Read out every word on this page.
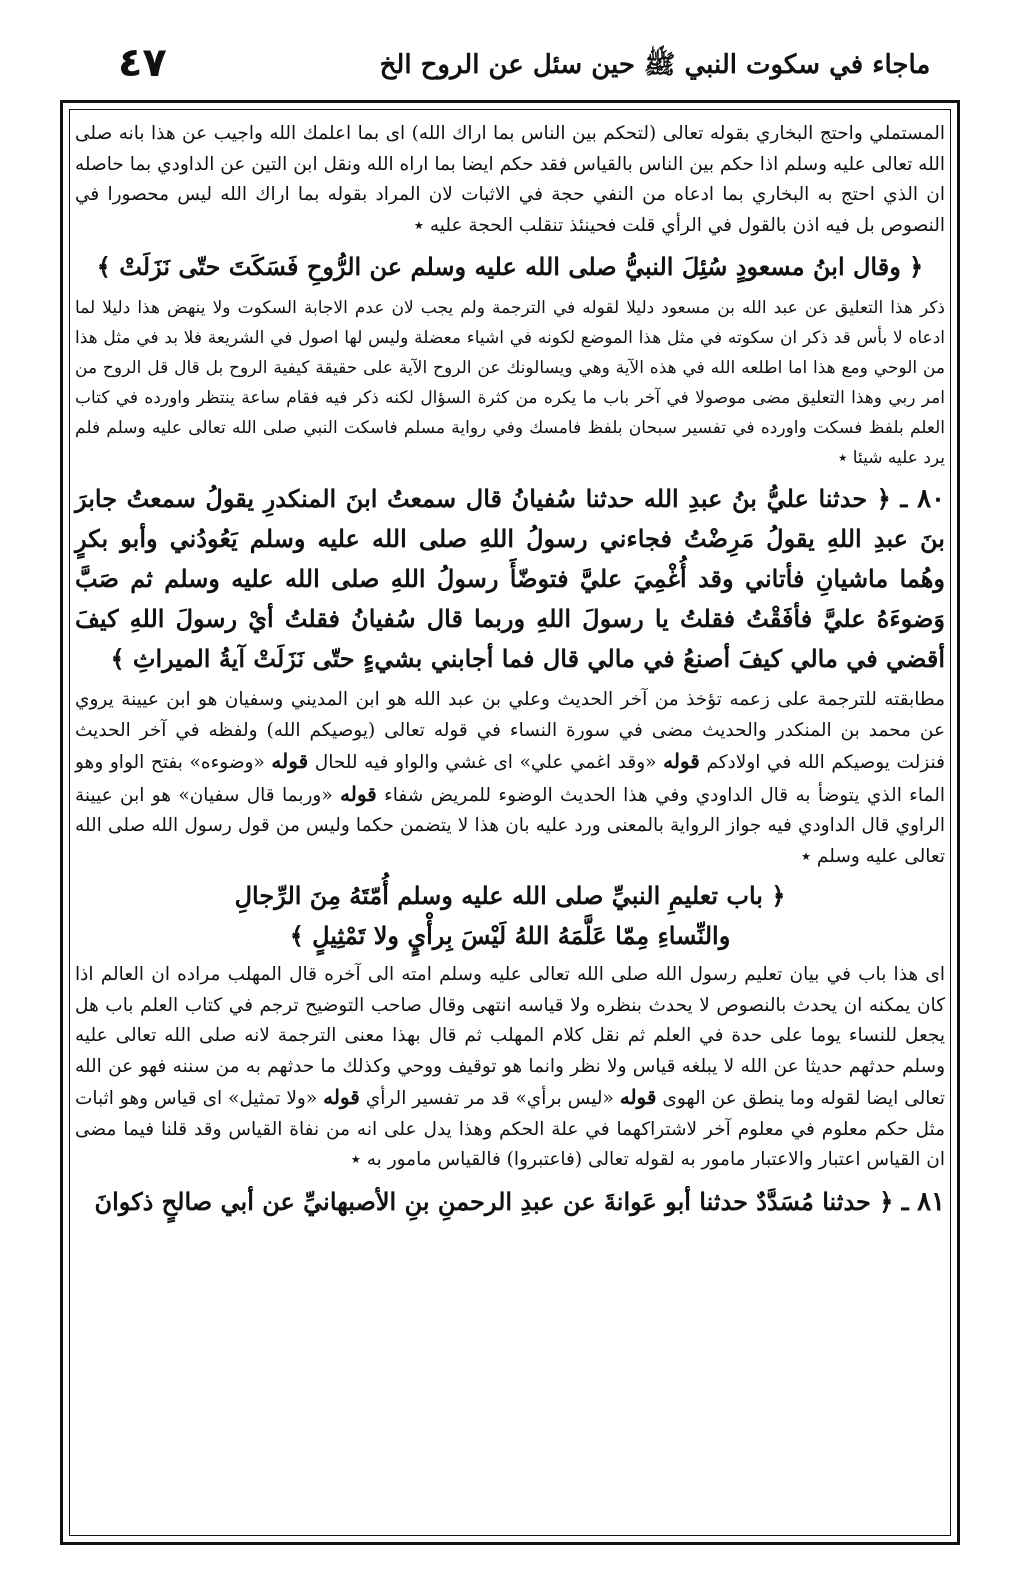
٤٧	ماجاء في سكوت النبي ﷺ حين سئل عن الروح الخ

المستملي واحتج البخاري بقوله تعالى (لتحكم بين الناس بما اراك الله) اى بما اعلمك الله واجيب عن هذا بانه صلى الله تعالى عليه وسلم اذا حكم بين الناس بالقياس فقد حكم ايضا بما اراه الله ونقل ابن التين عن الداودي بما حاصله ان الذي احتج به البخاري بما ادعاه من النفي حجة في الاثبات لان المراد بقوله بما اراك الله ليس محصورا في النصوص بل فيه اذن بالقول في الرأي قلت فحينئذ تنقلب الحجة عليه ٭

﴿ وقال ابنُ مسعودٍ سُئِلَ النبيُّ صلى الله عليه وسلم عن الرُّوحِ فَسَكَتَ حتّى نَزَلَتْ ﴾

ذكر هذا التعليق عن عبد الله بن مسعود دليلا لقوله في الترجمة ولم يجب لان عدم الاجابة السكوت ولا ينهض هذا دليلا لما ادعاه لا بأس قد ذكر ان سكوته في مثل هذا الموضع لكونه في اشياء معضلة وليس لها اصول في الشريعة فلا بد في مثل هذا من الوحي ومع هذا اما اطلعه الله في هذه الآية وهي ويسالونك عن الروح الآية على حقيقة كيفية الروح بل قال قل الروح من امر ربي وهذا التعليق مضى موصولا في آخر باب ما يكره من كثرة السؤال لكنه ذكر فيه فقام ساعة ينتظر واورده في كتاب العلم بلفظ فسكت واورده في تفسير سبحان بلفظ فامسك وفي رواية مسلم فاسكت النبي صلى الله تعالى عليه وسلم فلم يرد عليه شيئا ٭

٨٠ ـ ﴿ حدثنا عليُّ بنُ عبدِ الله حدثنا سُفيانُ قال سمعتُ ابنَ المنكدرِ يقولُ سمعتُ جابرَ بنَ عبدِ اللهِ يقولُ مَرِضْتُ فجاءني رسولُ اللهِ صلى الله عليه وسلم يَعُودُني وأبو بكرٍ وهُما ماشيانِ فأتاني وقد أُغْمِيَ عليَّ فتوضّأَ رسولُ اللهِ صلى الله عليه وسلم ثم صَبَّ وَضوءَهُ عليَّ فأفَقْتُ فقلتُ يا رسولَ اللهِ وربما قال سُفيانُ فقلتُ أيْ رسولَ اللهِ كيفَ أقضي في مالي كيفَ أصنعُ في مالي قال فما أجابني بشيءٍ حتّى نَزَلَتْ آيةُ الميراثِ ﴾

مطابقته للترجمة على زعمه تؤخذ من آخر الحديث وعلي بن عبد الله هو ابن المديني وسفيان هو ابن عيينة يروي عن محمد بن المنكدر والحديث مضى في سورة النساء في قوله تعالى (يوصيكم الله) ولفظه في آخر الحديث فنزلت يوصيكم الله في اولادكم قوله «وقد اغمي علي» اى غشي والواو فيه للحال قوله «وضوءه» بفتح الواو وهو الماء الذي يتوضأ به قال الداودي وفي هذا الحديث الوضوء للمريض شفاء قوله «وربما قال سفيان» هو ابن عيينة الراوي قال الداودي فيه جواز الرواية بالمعنى ورد عليه بان هذا لا يتضمن حكما وليس من قول رسول الله صلى الله تعالى عليه وسلم ٭

﴿ باب تعليمِ النبيِّ صلى الله عليه وسلم أُمّتَهُ مِنَ الرِّجالِ
والنِّساءِ مِمّا عَلَّمَهُ اللهُ لَيْسَ بِرأْيٍ ولا تَمْثِيلٍ ﴾

اى هذا باب في بيان تعليم رسول الله صلى الله تعالى عليه وسلم امته الى آخره قال المهلب مراده ان العالم اذا كان يمكنه ان يحدث بالنصوص لا يحدث بنظره ولا قياسه انتهى وقال صاحب التوضيح ترجم في كتاب العلم باب هل يجعل للنساء يوما على حدة في العلم ثم نقل كلام المهلب ثم قال بهذا معنى الترجمة لانه صلى الله تعالى عليه وسلم حدثهم حديثا عن الله لا يبلغه قياس ولا نظر وانما هو توقيف ووحي وكذلك ما حدثهم به من سننه فهو عن الله تعالى ايضا لقوله وما ينطق عن الهوى قوله «ليس برأي» قد مر تفسير الرأي قوله «ولا تمثيل» اى قياس وهو اثبات مثل حكم معلوم في معلوم آخر لاشتراكهما في علة الحكم وهذا يدل على انه من نفاة القياس وقد قلنا فيما مضى ان القياس اعتبار والاعتبار مامور به لقوله تعالى (فاعتبروا) فالقياس مامور به ٭

٨١ ـ ﴿ حدثنا مُسَدَّدٌ حدثنا أبو عَوانةَ عن عبدِ الرحمنِ بنِ الأصبهانيِّ عن أبي صالحٍ ذكوانَ
